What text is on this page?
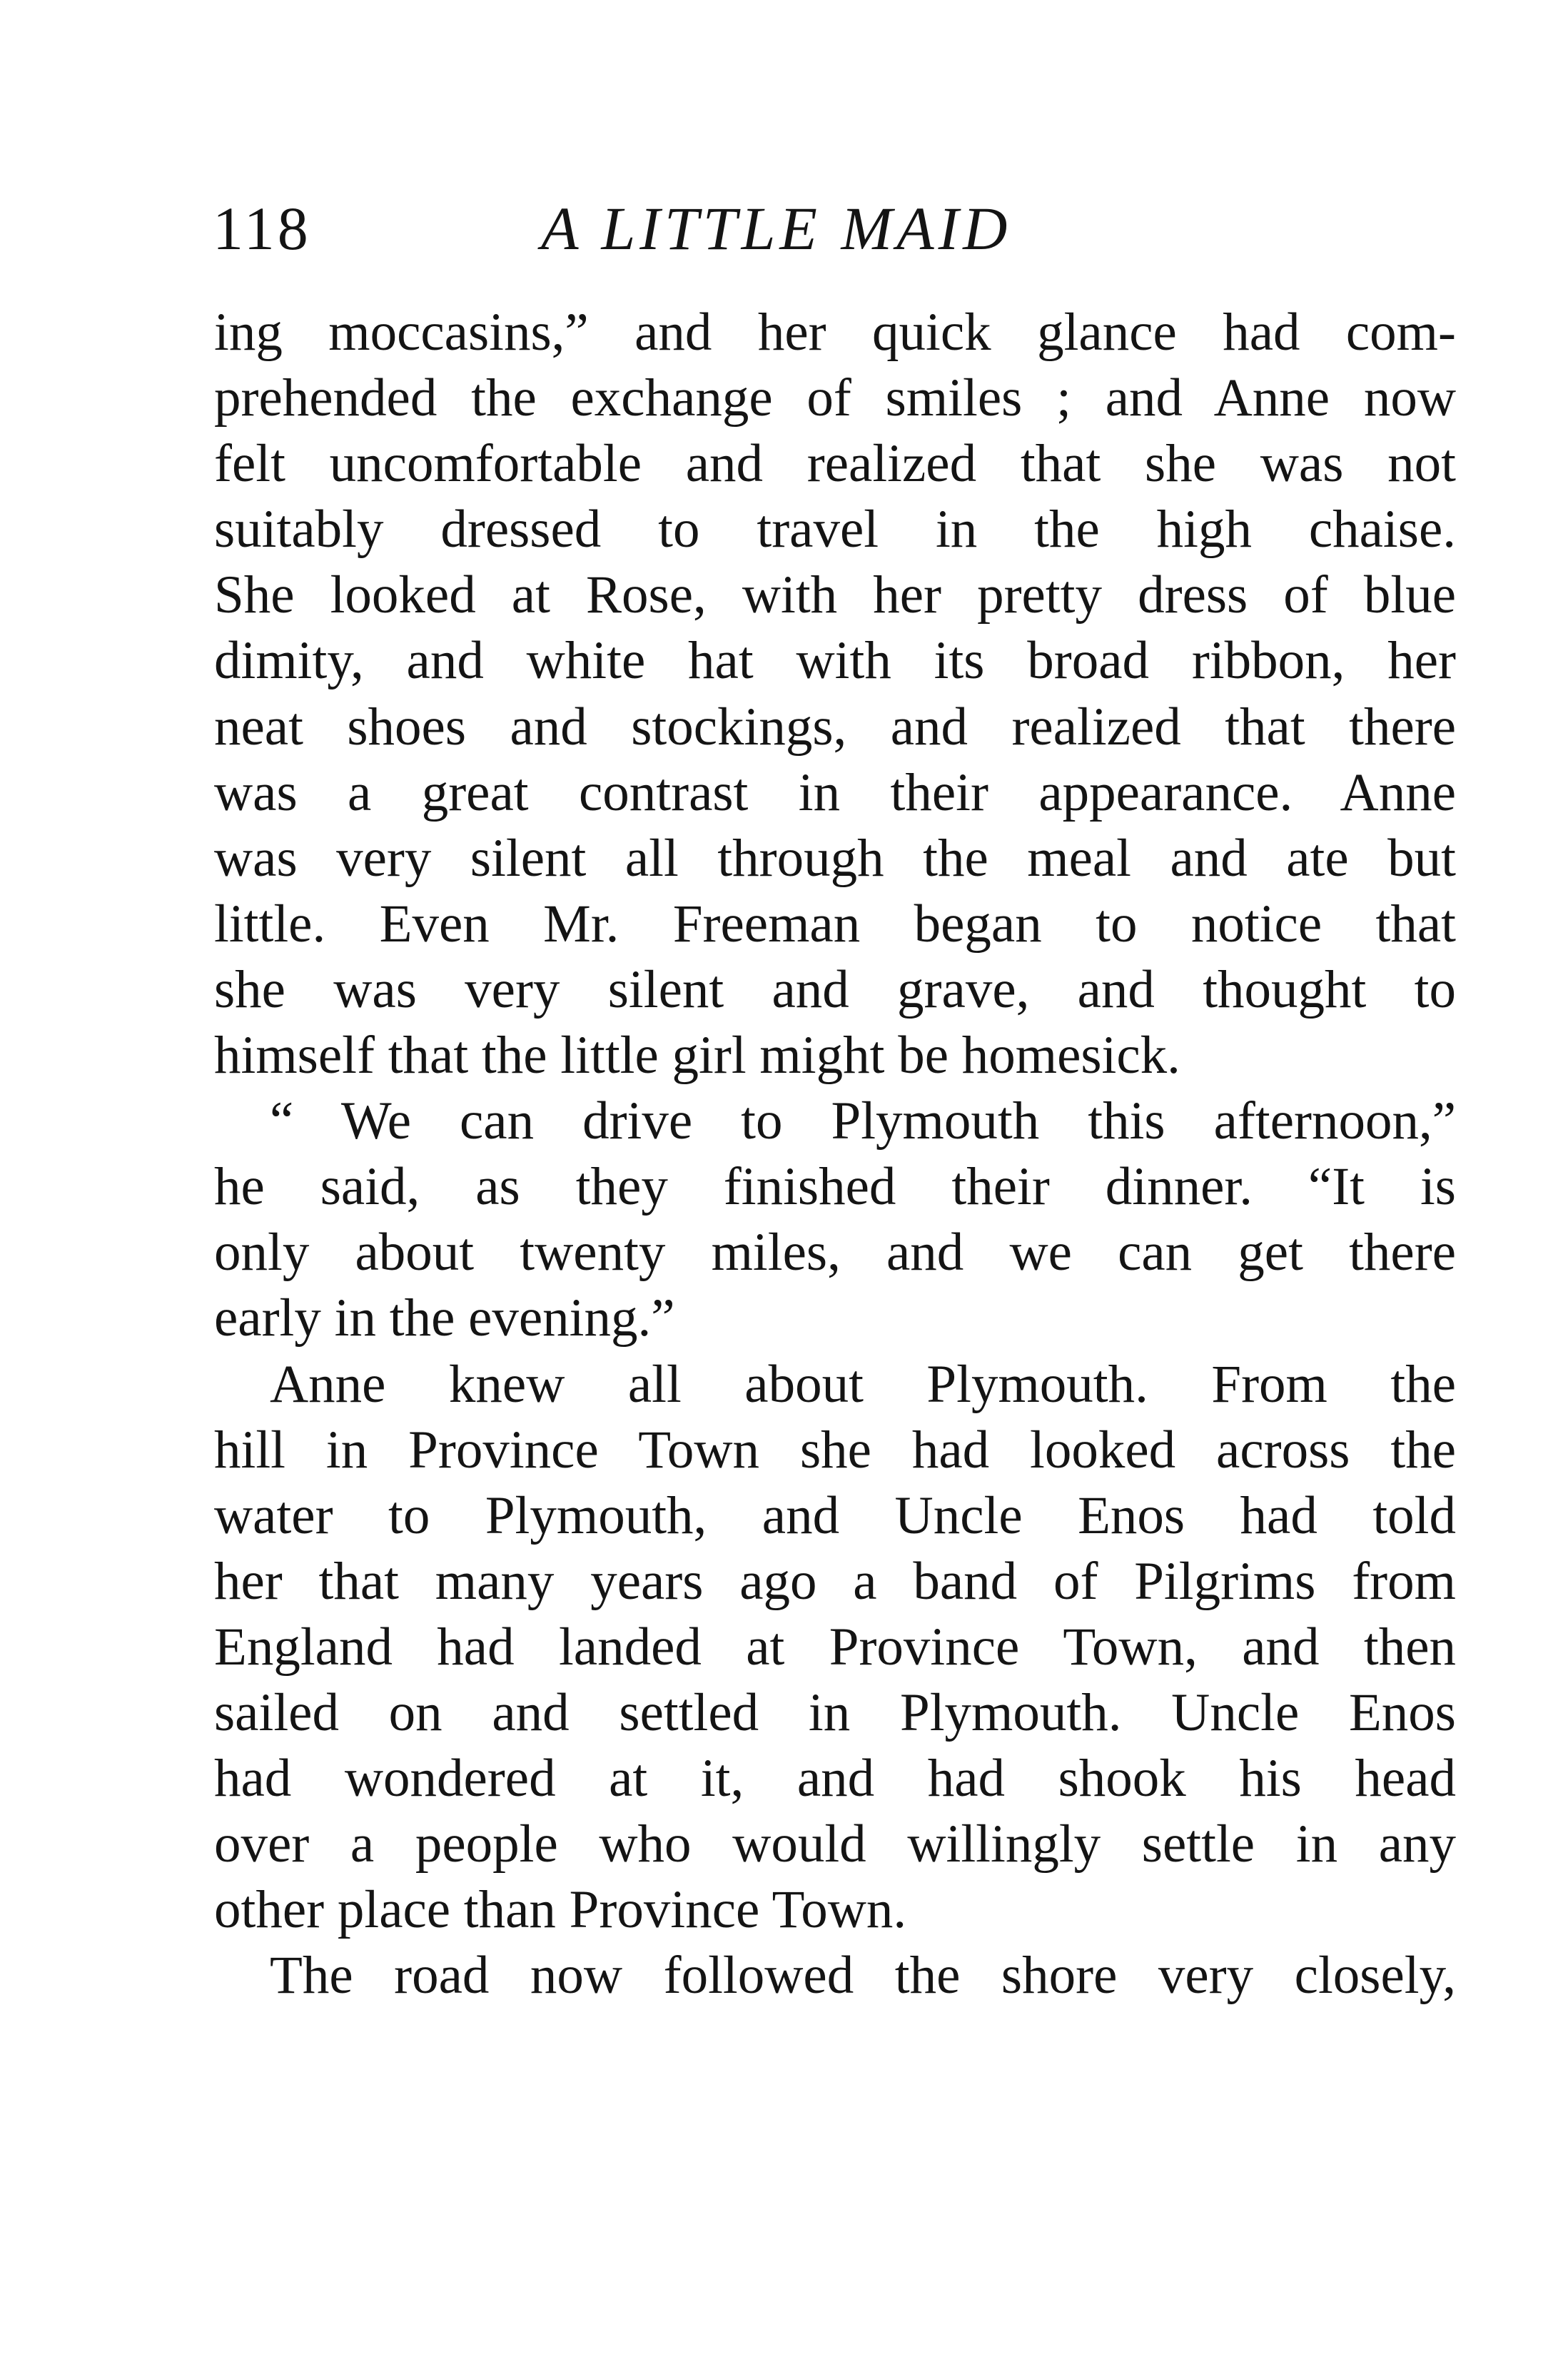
118	A LITTLE MAID
ing moccasins,” and her quick glance had com-
prehended the exchange of smiles ; and Anne now
felt uncomfortable and realized that she was not
suitably dressed to travel in the high chaise.
She looked at Rose, with her pretty dress of blue
dimity, and white hat with its broad ribbon, her
neat shoes and stockings, and realized that there
was a great contrast in their appearance. Anne
was very silent all through the meal and ate but
little. Even Mr. Freeman began to notice that
she was very silent and grave, and thought to
himself that the little girl might be homesick.
“ We can drive to Plymouth this afternoon,”
he said, as they finished their dinner. “It is
only about twenty miles, and we can get there
early in the evening.”
Anne knew all about Plymouth. From the
hill in Province Town she had looked across the
water to Plymouth, and Uncle Enos had told
her that many years ago a band of Pilgrims from
England had landed at Province Town, and then
sailed on and settled in Plymouth. Uncle Enos
had wondered at it, and had shook his head
over a people who would willingly settle in any
other place than Province Town.
The road now followed the shore very closely,
